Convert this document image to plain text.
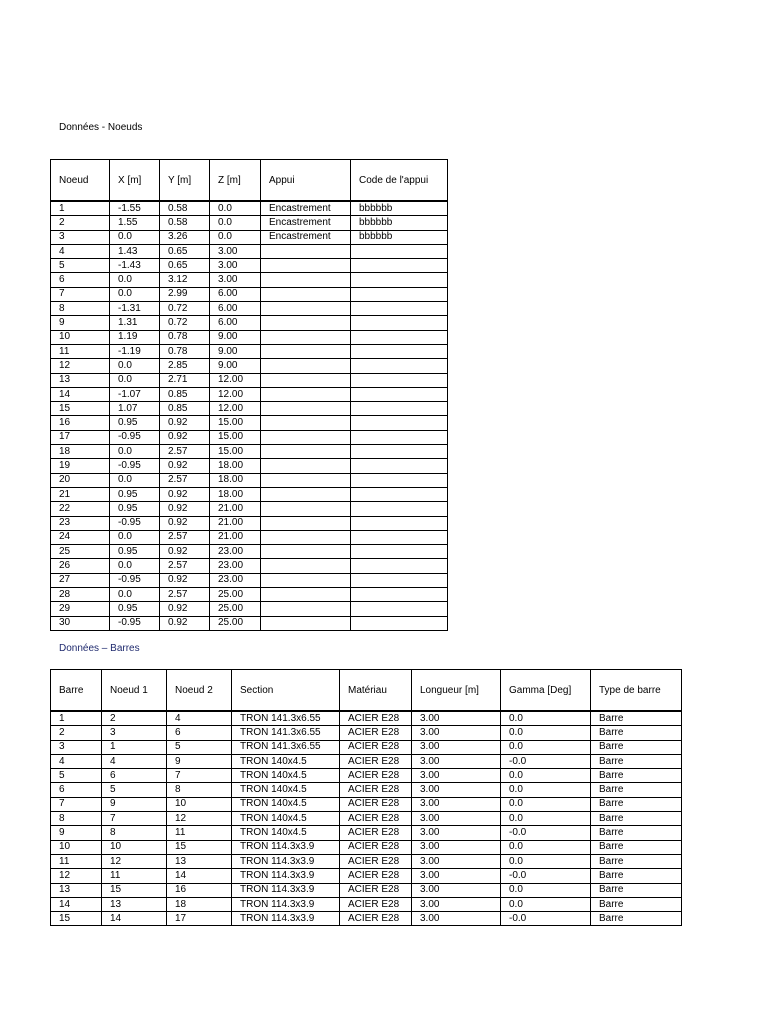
Données - Noeuds
Noeud	X [m]	Y [m]	Z [m]	Appui	Code de l'appui
1	-1.55	0.58	0.0	Encastrement	bbbbbb
2	1.55	0.58	0.0	Encastrement	bbbbbb
3	0.0	3.26	0.0	Encastrement	bbbbbb
4	1.43	0.65	3.00		
5	-1.43	0.65	3.00		
6	0.0	3.12	3.00		
7	0.0	2.99	6.00		
8	-1.31	0.72	6.00		
9	1.31	0.72	6.00		
10	1.19	0.78	9.00		
11	-1.19	0.78	9.00		
12	0.0	2.85	9.00		
13	0.0	2.71	12.00		
14	-1.07	0.85	12.00		
15	1.07	0.85	12.00		
16	0.95	0.92	15.00		
17	-0.95	0.92	15.00		
18	0.0	2.57	15.00		
19	-0.95	0.92	18.00		
20	0.0	2.57	18.00		
21	0.95	0.92	18.00		
22	0.95	0.92	21.00		
23	-0.95	0.92	21.00		
24	0.0	2.57	21.00		
25	0.95	0.92	23.00		
26	0.0	2.57	23.00		
27	-0.95	0.92	23.00		
28	0.0	2.57	25.00		
29	0.95	0.92	25.00		
30	-0.95	0.92	25.00		
Données – Barres
Barre	Noeud 1	Noeud 2	Section	Matériau	Longueur [m]	Gamma [Deg]	Type de barre
1	2	4	TRON 141.3x6.55	ACIER E28	3.00	0.0	Barre
2	3	6	TRON 141.3x6.55	ACIER E28	3.00	0.0	Barre
3	1	5	TRON 141.3x6.55	ACIER E28	3.00	0.0	Barre
4	4	9	TRON 140x4.5	ACIER E28	3.00	-0.0	Barre
5	6	7	TRON 140x4.5	ACIER E28	3.00	0.0	Barre
6	5	8	TRON 140x4.5	ACIER E28	3.00	0.0	Barre
7	9	10	TRON 140x4.5	ACIER E28	3.00	0.0	Barre
8	7	12	TRON 140x4.5	ACIER E28	3.00	0.0	Barre
9	8	11	TRON 140x4.5	ACIER E28	3.00	-0.0	Barre
10	10	15	TRON 114.3x3.9	ACIER E28	3.00	0.0	Barre
11	12	13	TRON 114.3x3.9	ACIER E28	3.00	0.0	Barre
12	11	14	TRON 114.3x3.9	ACIER E28	3.00	-0.0	Barre
13	15	16	TRON 114.3x3.9	ACIER E28	3.00	0.0	Barre
14	13	18	TRON 114.3x3.9	ACIER E28	3.00	0.0	Barre
15	14	17	TRON 114.3x3.9	ACIER E28	3.00	-0.0	Barre
